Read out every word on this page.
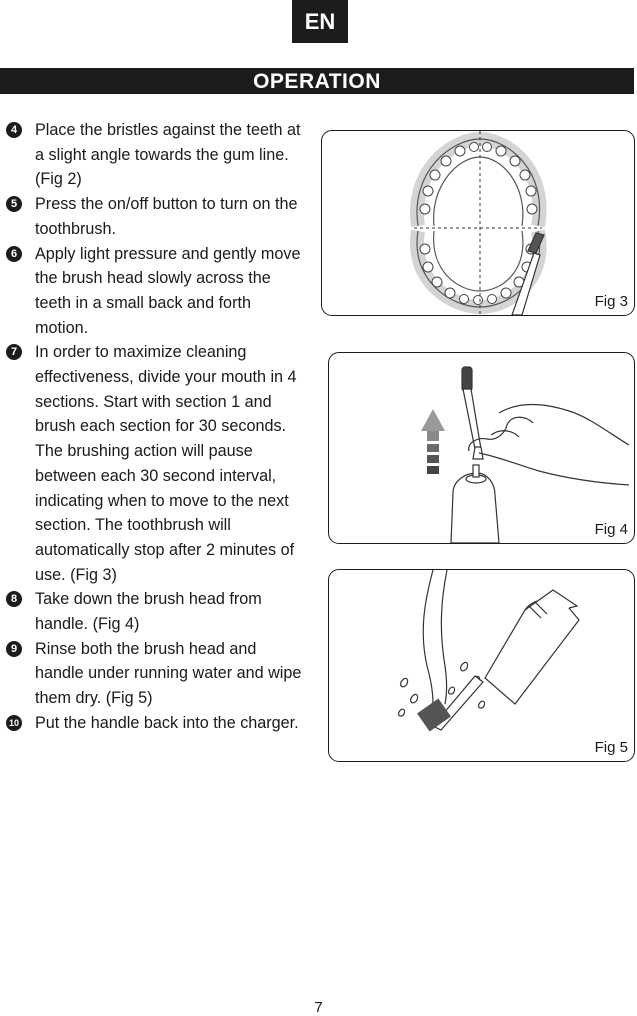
EN
OPERATION
4	Place the bristles against the teeth at a slight angle towards the gum line.(Fig 2)
5	Press the on/off button to turn on the toothbrush.
6	Apply light pressure and gently move the brush head slowly across the teeth in a small back and forth motion.
7	In order to maximize cleaning effectiveness, divide your mouth in 4 sections. Start with section 1 and brush each section for 30 seconds. The brushing action will pause between each 30 second interval, indicating when to move to the next section. The toothbrush will automatically stop after 2 minutes of use. (Fig 3)
8	Take down the brush head from handle. (Fig 4)
9	Rinse both the brush head and handle under running water and wipe them dry. (Fig 5)
10 Put the handle back into the charger.
Fig 3
Fig 4
Fig 5
7
